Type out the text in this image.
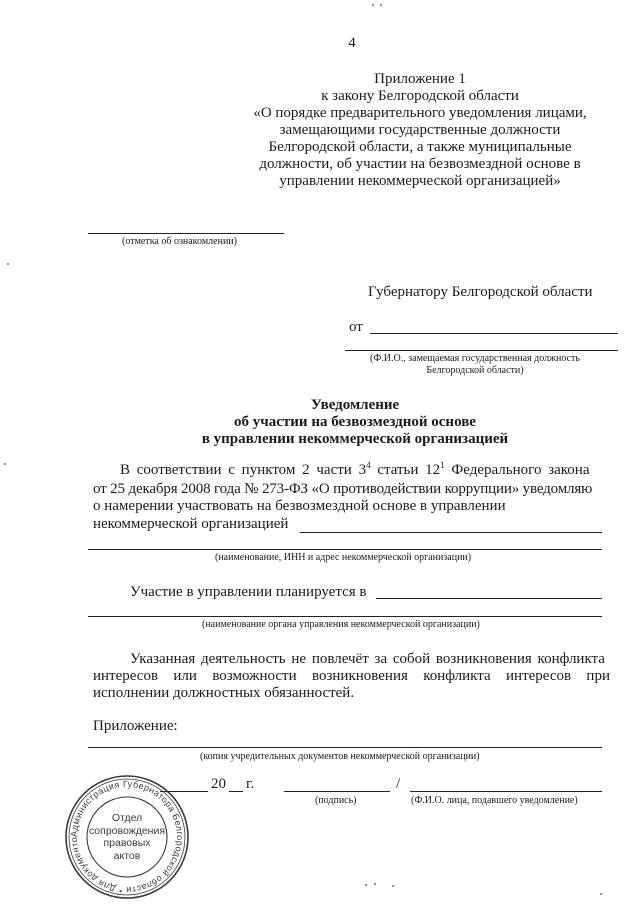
4
Приложение 1
к закону Белгородской области
«О порядке предварительного уведомления лицами,
замещающими государственные должности
Белгородской области, а также муниципальные
должности, об участии на безвозмездной основе в
управлении некоммерческой организацией»
(отметка об ознакомлении)
Губернатору Белгородской области
от
(Ф.И.О., замещаемая государственная должность
Белгородской области)
Уведомление
об участии на безвозмездной основе
в управлении некоммерческой организацией
В соответствии с пунктом 2 части $3^4$ статьи $12^1$ Федерального закона
от 25 декабря 2008 года № 273-ФЗ «О противодействии коррупции» уведомляю
о намерении участвовать на безвозмездной основе в управлении
некоммерческой организацией
(наименование, ИНН и адрес некоммерческой организации)
Участие в управлении планируется в
(наименование органа управления некоммерческой организации)
Указанная деятельность не повлечёт за собой возникновения конфликта
интересов или возможности возникновения конфликта интересов при
исполнении должностных обязанностей.
Приложение:
(копия учредительных документов некоммерческой организации)
20 г.	/
(подпись)	(Ф.И.О. лица, подавшего уведомление)
Администрация Губернатора Белгородской области * Для документо
Отдел
сопровождения
правовых
актов
